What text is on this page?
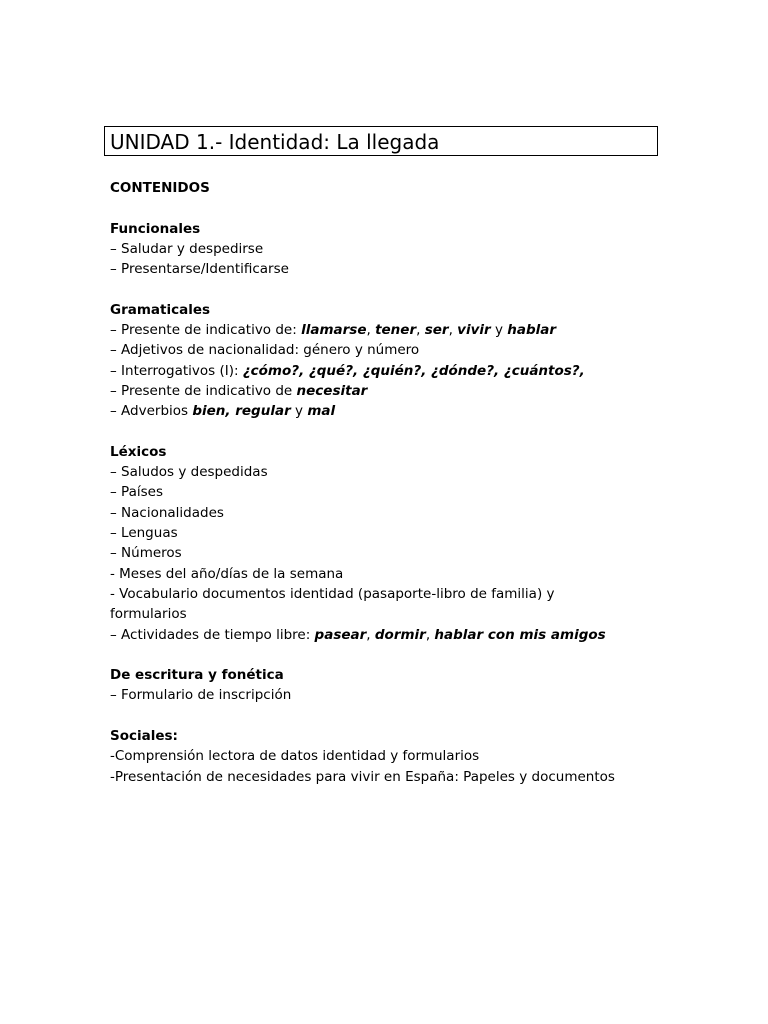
UNIDAD 1.- Identidad: La llegada
CONTENIDOS
Funcionales
– Saludar y despedirse
– Presentarse/Identificarse
Gramaticales
– Presente de indicativo de: llamarse, tener, ser, vivir y hablar
– Adjetivos de nacionalidad: género y número
– Interrogativos (I): ¿cómo?, ¿qué?, ¿quién?, ¿dónde?, ¿cuántos?,
– Presente de indicativo de necesitar
– Adverbios bien, regular y mal
Léxicos
– Saludos y despedidas
– Países
– Nacionalidades
– Lenguas
– Números
- Meses del año/días de la semana
- Vocabulario documentos identidad (pasaporte-libro de familia) y formularios
– Actividades de tiempo libre: pasear, dormir, hablar con mis amigos
De escritura y fonética
– Formulario de inscripción
Sociales:
-Comprensión lectora de datos identidad y formularios
-Presentación de necesidades para vivir en España: Papeles y documentos
